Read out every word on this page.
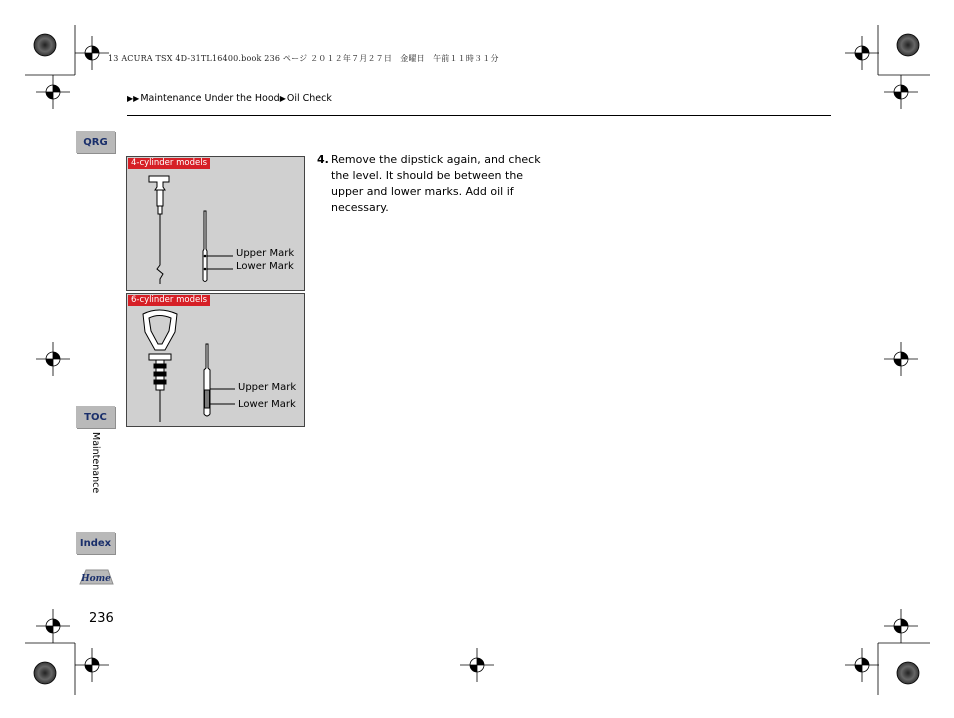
13 ACURA TSX 4D-31TL16400.book 236 ページ ２０１２年７月２７日　金曜日　午前１１時３１分
▶▶ Maintenance Under the Hood ▶ Oil Check
QRG
TOC
Index
Home
Maintenance
236
4-cylinder models
Upper Mark
Lower Mark
6-cylinder models
Upper Mark
Lower Mark
4. Remove the dipstick again, and check the level. It should be between the upper and lower marks. Add oil if necessary.
